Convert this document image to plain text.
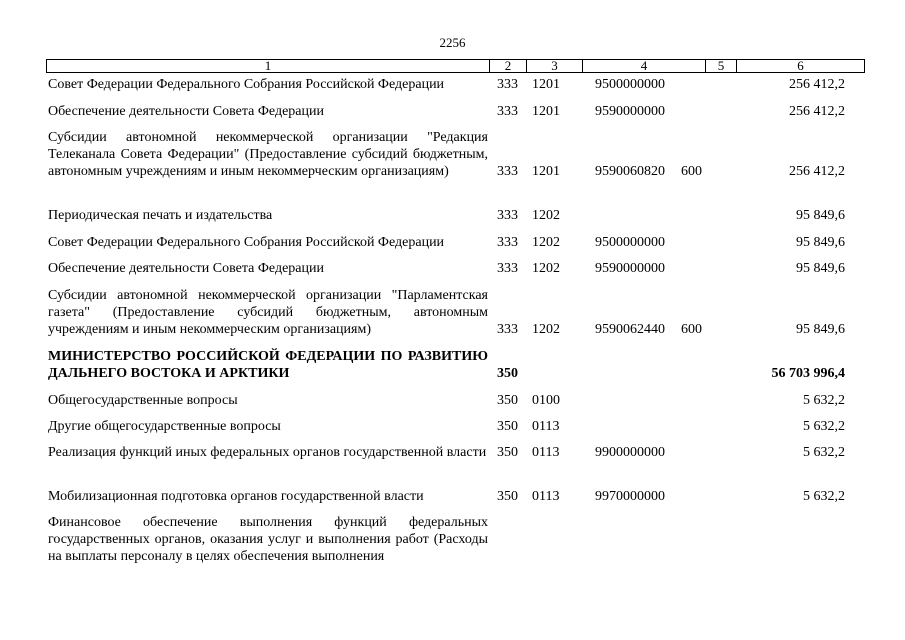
2256
1	2	3	4	5	6
Совет Федерации Федерального Собрания Российской Федерации	333	1201	9500000000	256 412,2
Обеспечение деятельности Совета Федерации	333	1201	9590000000	256 412,2
Субсидии автономной некоммерческой организации "Редакция Телеканала Совета Федерации" (Предоставление субсидий бюджетным, автономным учреждениям и иным некоммерческим организациям)	333	1201	9590060820	600	256 412,2
Периодическая печать и издательства	333	1202	95 849,6
Совет Федерации Федерального Собрания Российской Федерации	333	1202	9500000000	95 849,6
Обеспечение деятельности Совета Федерации	333	1202	9590000000	95 849,6
Субсидии автономной некоммерческой организации "Парламентская газета" (Предоставление субсидий бюджетным, автономным учреждениям и иным некоммерческим организациям)	333	1202	9590062440	600	95 849,6
МИНИСТЕРСТВО РОССИЙСКОЙ ФЕДЕРАЦИИ ПО РАЗВИТИЮ ДАЛЬНЕГО ВОСТОКА И АРКТИКИ	350	56 703 996,4
Общегосударственные вопросы	350	0100	5 632,2
Другие общегосударственные вопросы	350	0113	5 632,2
Реализация функций иных федеральных органов государственной власти 350	0113	9900000000	5 632,2
Мобилизационная подготовка органов государственной власти	350	0113	9970000000	5 632,2
Финансовое обеспечение выполнения функций федеральных государственных органов, оказания услуг и выполнения работ (Расходы на выплаты персоналу в целях обеспечения выполнения
